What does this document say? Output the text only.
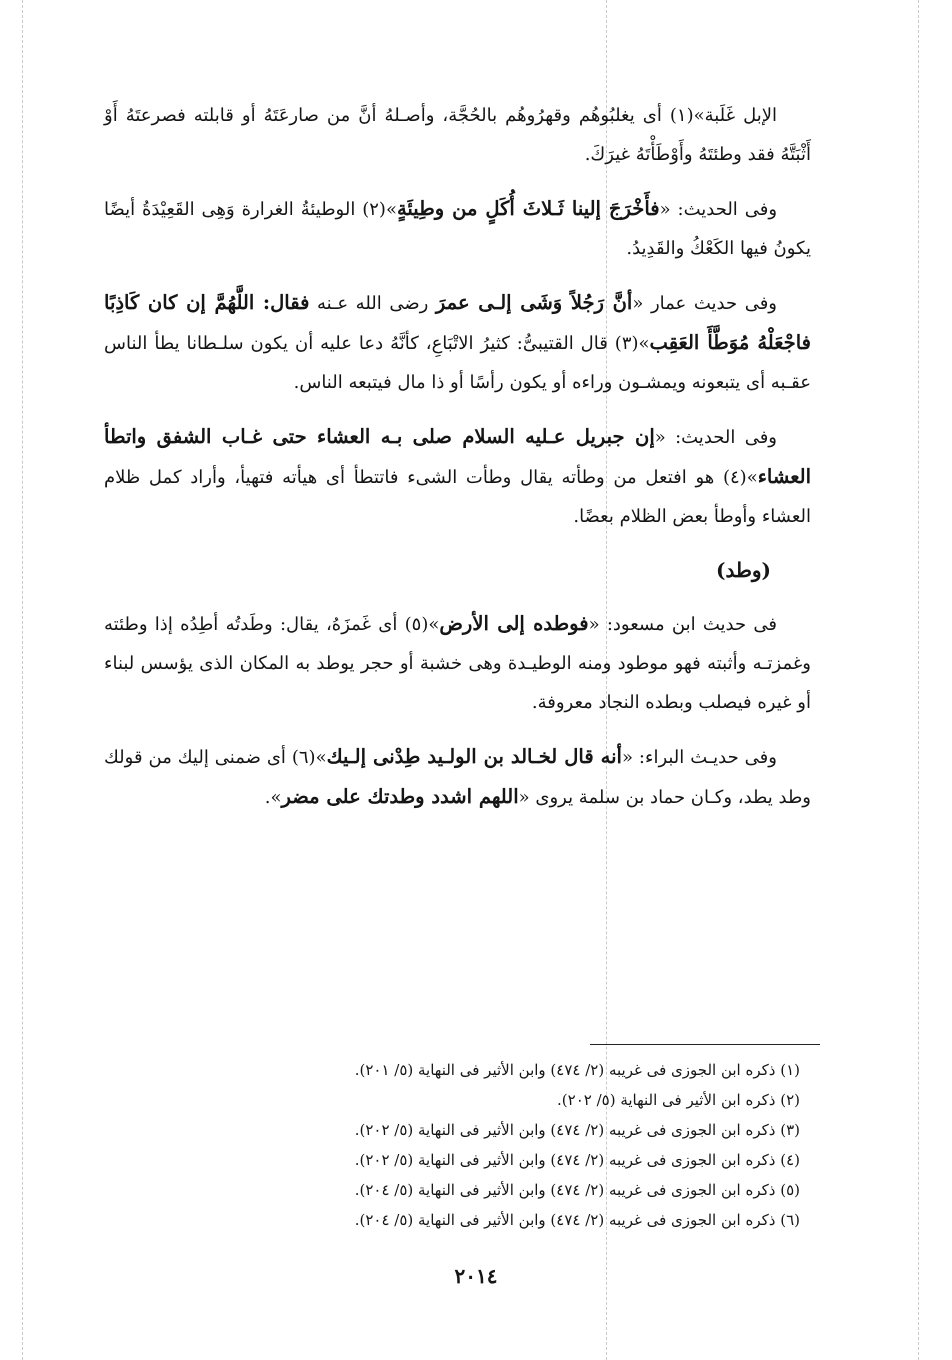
الإبل غَلَبة»(١) أى يغلبُوهُم وقهرُوهُم بالحُجَّة، وأصـلهُ أنَّ من صارعَتَهُ أو قابلته فصرعتَهُ أَوْ أَثْبَتَّهُ فقد وطئتَهُ وأَوْطَأْتَهُ غيرَكَ.
وفى الحديث: «فأَخْرَجَ إلينا ثَـلاثَ أُكَلٍ من وطِيئَةٍ»(٢) الوطيئةُ الغرارة وَهِى القَعِيْدَةُ أيضًا يكونُ فيها الكَعْكُ والقَدِيدُ.
وفى حديث عمار «أنَّ رَجُلاً وَشَى إلـى عمرَ رضى الله عـنه فقال: اللَّهُمَّ إن كان كَاذِبًا فاجْعَلْهُ مُوَطَّأَ العَقِب»(٣) قال القتيبىُّ: كثيرُ الاتْبَاعِ، كأنَّهُ دعا عليه أن يكون سلـطانا يطأ الناس عقـبه أى يتبعونه ويمشـون وراءه أو يكون رأسًا أو ذا مال فيتبعه الناس.
وفى الحديث: «إن جبريل عـليه السلام صلى بـه العشاء حتى غـاب الشفق واتطأ العشاء»(٤) هو افتعل من وطأته يقال وطأت الشىء فاتتطأ أى هيأته فتهيأ، وأراد كمل ظلام العشاء وأوطأ بعض الظلام بعضًا.
(وطد)
فى حديث ابن مسعود: «فوطده إلى الأرض»(٥) أى غَمزَهُ، يقال: وطَدتُه أطِدُه إذا وطئته وغمزتـه وأثبته فهو موطود ومنه الوطيـدة وهى خشبة أو حجر يوطد به المكان الذى يؤسس لبناء أو غيره فيصلب وبطده النجاد معروفة.
وفى حديـث البراء: «أنه قال لخـالد بن الولـيد طِدْنى إلـيك»(٦) أى ضمنى إليك من قولك وطد يطد، وكـان حماد بن سلمة يروى «اللهم اشدد وطدتك على مضر».
(١) ذكره ابن الجوزى فى غريبه (٢/ ٤٧٤) وابن الأثير فى النهاية (٥/ ٢٠١).
(٢) ذكره ابن الأثير فى النهاية (٥/ ٢٠٢).
(٣) ذكره ابن الجوزى فى غريبه (٢/ ٤٧٤) وابن الأثير فى النهاية (٥/ ٢٠٢).
(٤) ذكره ابن الجوزى فى غريبه (٢/ ٤٧٤) وابن الأثير فى النهاية (٥/ ٢٠٢).
(٥) ذكره ابن الجوزى فى غريبه (٢/ ٤٧٤) وابن الأثير فى النهاية (٥/ ٢٠٤).
(٦) ذكره ابن الجوزى فى غريبه (٢/ ٤٧٤) وابن الأثير فى النهاية (٥/ ٢٠٤).
٢٠١٤
